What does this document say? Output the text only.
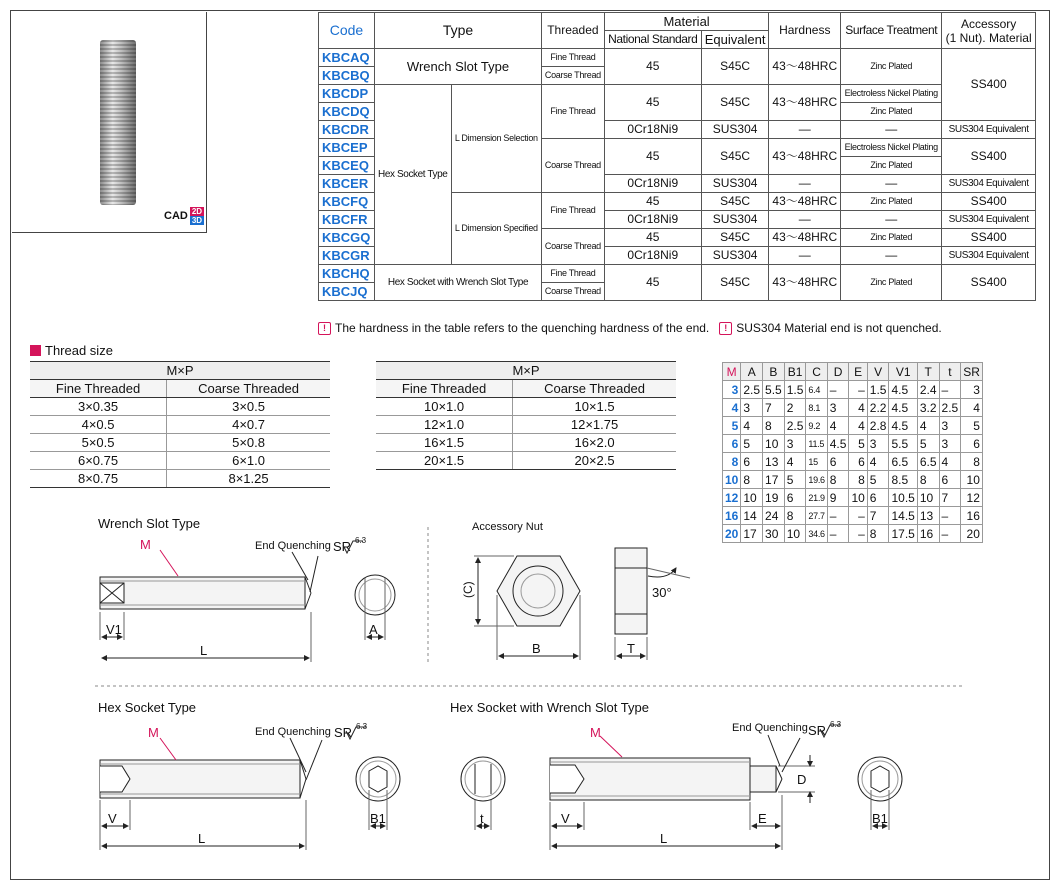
CAD 2D
3D
Code	Type		Threaded	Material		Hardness	Surface Treatment	Accessory
(1 Nut). Material
				National Standard	Equivalent			
KBCAQ	Wrench Slot Type		Fine Thread	45	S45C	43～48HRC	Zinc Plated	SS400
KBCBQ			Coarse Thread					
KBCDP	Hex Socket Type	L Dimension Selection	Fine Thread	45	S45C	43～48HRC	Electroless Nickel Plating	
KBCDQ							Zinc Plated	
KBCDR				0Cr18Ni9	SUS304	—	—	SUS304 Equivalent
KBCEP			Coarse Thread	45	S45C	43～48HRC	Electroless Nickel Plating	SS400
KBCEQ							Zinc Plated	
KBCER				0Cr18Ni9	SUS304	—	—	SUS304 Equivalent
KBCFQ		L Dimension Specified	Fine Thread	45	S45C	43～48HRC	Zinc Plated	SS400
KBCFR				0Cr18Ni9	SUS304	—	—	SUS304 Equivalent
KBCGQ			Coarse Thread	45	S45C	43～48HRC	Zinc Plated	SS400
KBCGR				0Cr18Ni9	SUS304	—	—	SUS304 Equivalent
KBCHQ	Hex Socket with Wrench Slot Type		Fine Thread	45	S45C	43～48HRC	Zinc Plated	SS400
KBCJQ			Coarse Thread					
! The hardness in the table refers to the quenching hardness of the end.	! SUS304 Material end is not quenched.
Thread size
M×P	
Fine Threaded	Coarse Threaded
3×0.35	3×0.5
4×0.5	4×0.7
5×0.5	5×0.8
6×0.75	6×1.0
8×0.75	8×1.25
M×P	
Fine Threaded	Coarse Threaded
10×1.0	10×1.5
12×1.0	12×1.75
16×1.5	16×2.0
20×1.5	20×2.5
M	A	B	B1	C	D	E	V	V1	T	t	SR
3	2.5	5.5	1.5	6.4	–	–	1.5	4.5	2.4	–	3
4	3	7	2	8.1	3	4	2.2	4.5	3.2	2.5	4
5	4	8	2.5	9.2	4	4	2.8	4.5	4	3	5
6	5	10	3	11.5	4.5	5	3	5.5	5	3	6
8	6	13	4	15	6	6	4	6.5	6.5	4	8
10	8	17	5	19.6	8	8	5	8.5	8	6	10
12	10	19	6	21.9	9	10	6	10.5	10	7	12
16	14	24	8	27.7	–	–	7	14.5	13	–	16
20	17	30	10	34.6	–	–	8	17.5	16	–	20
Wrench Slot Type
M	End Quenching SR 6.3
V1
L
A
Accessory Nut
(C)
B	T
30°
Hex Socket Type
M	End Quenching SR 6.3
V
L
B1
Hex Socket with Wrench Slot Type
M	End Quenching SR 6.3
t	V	E
D
L
B1
